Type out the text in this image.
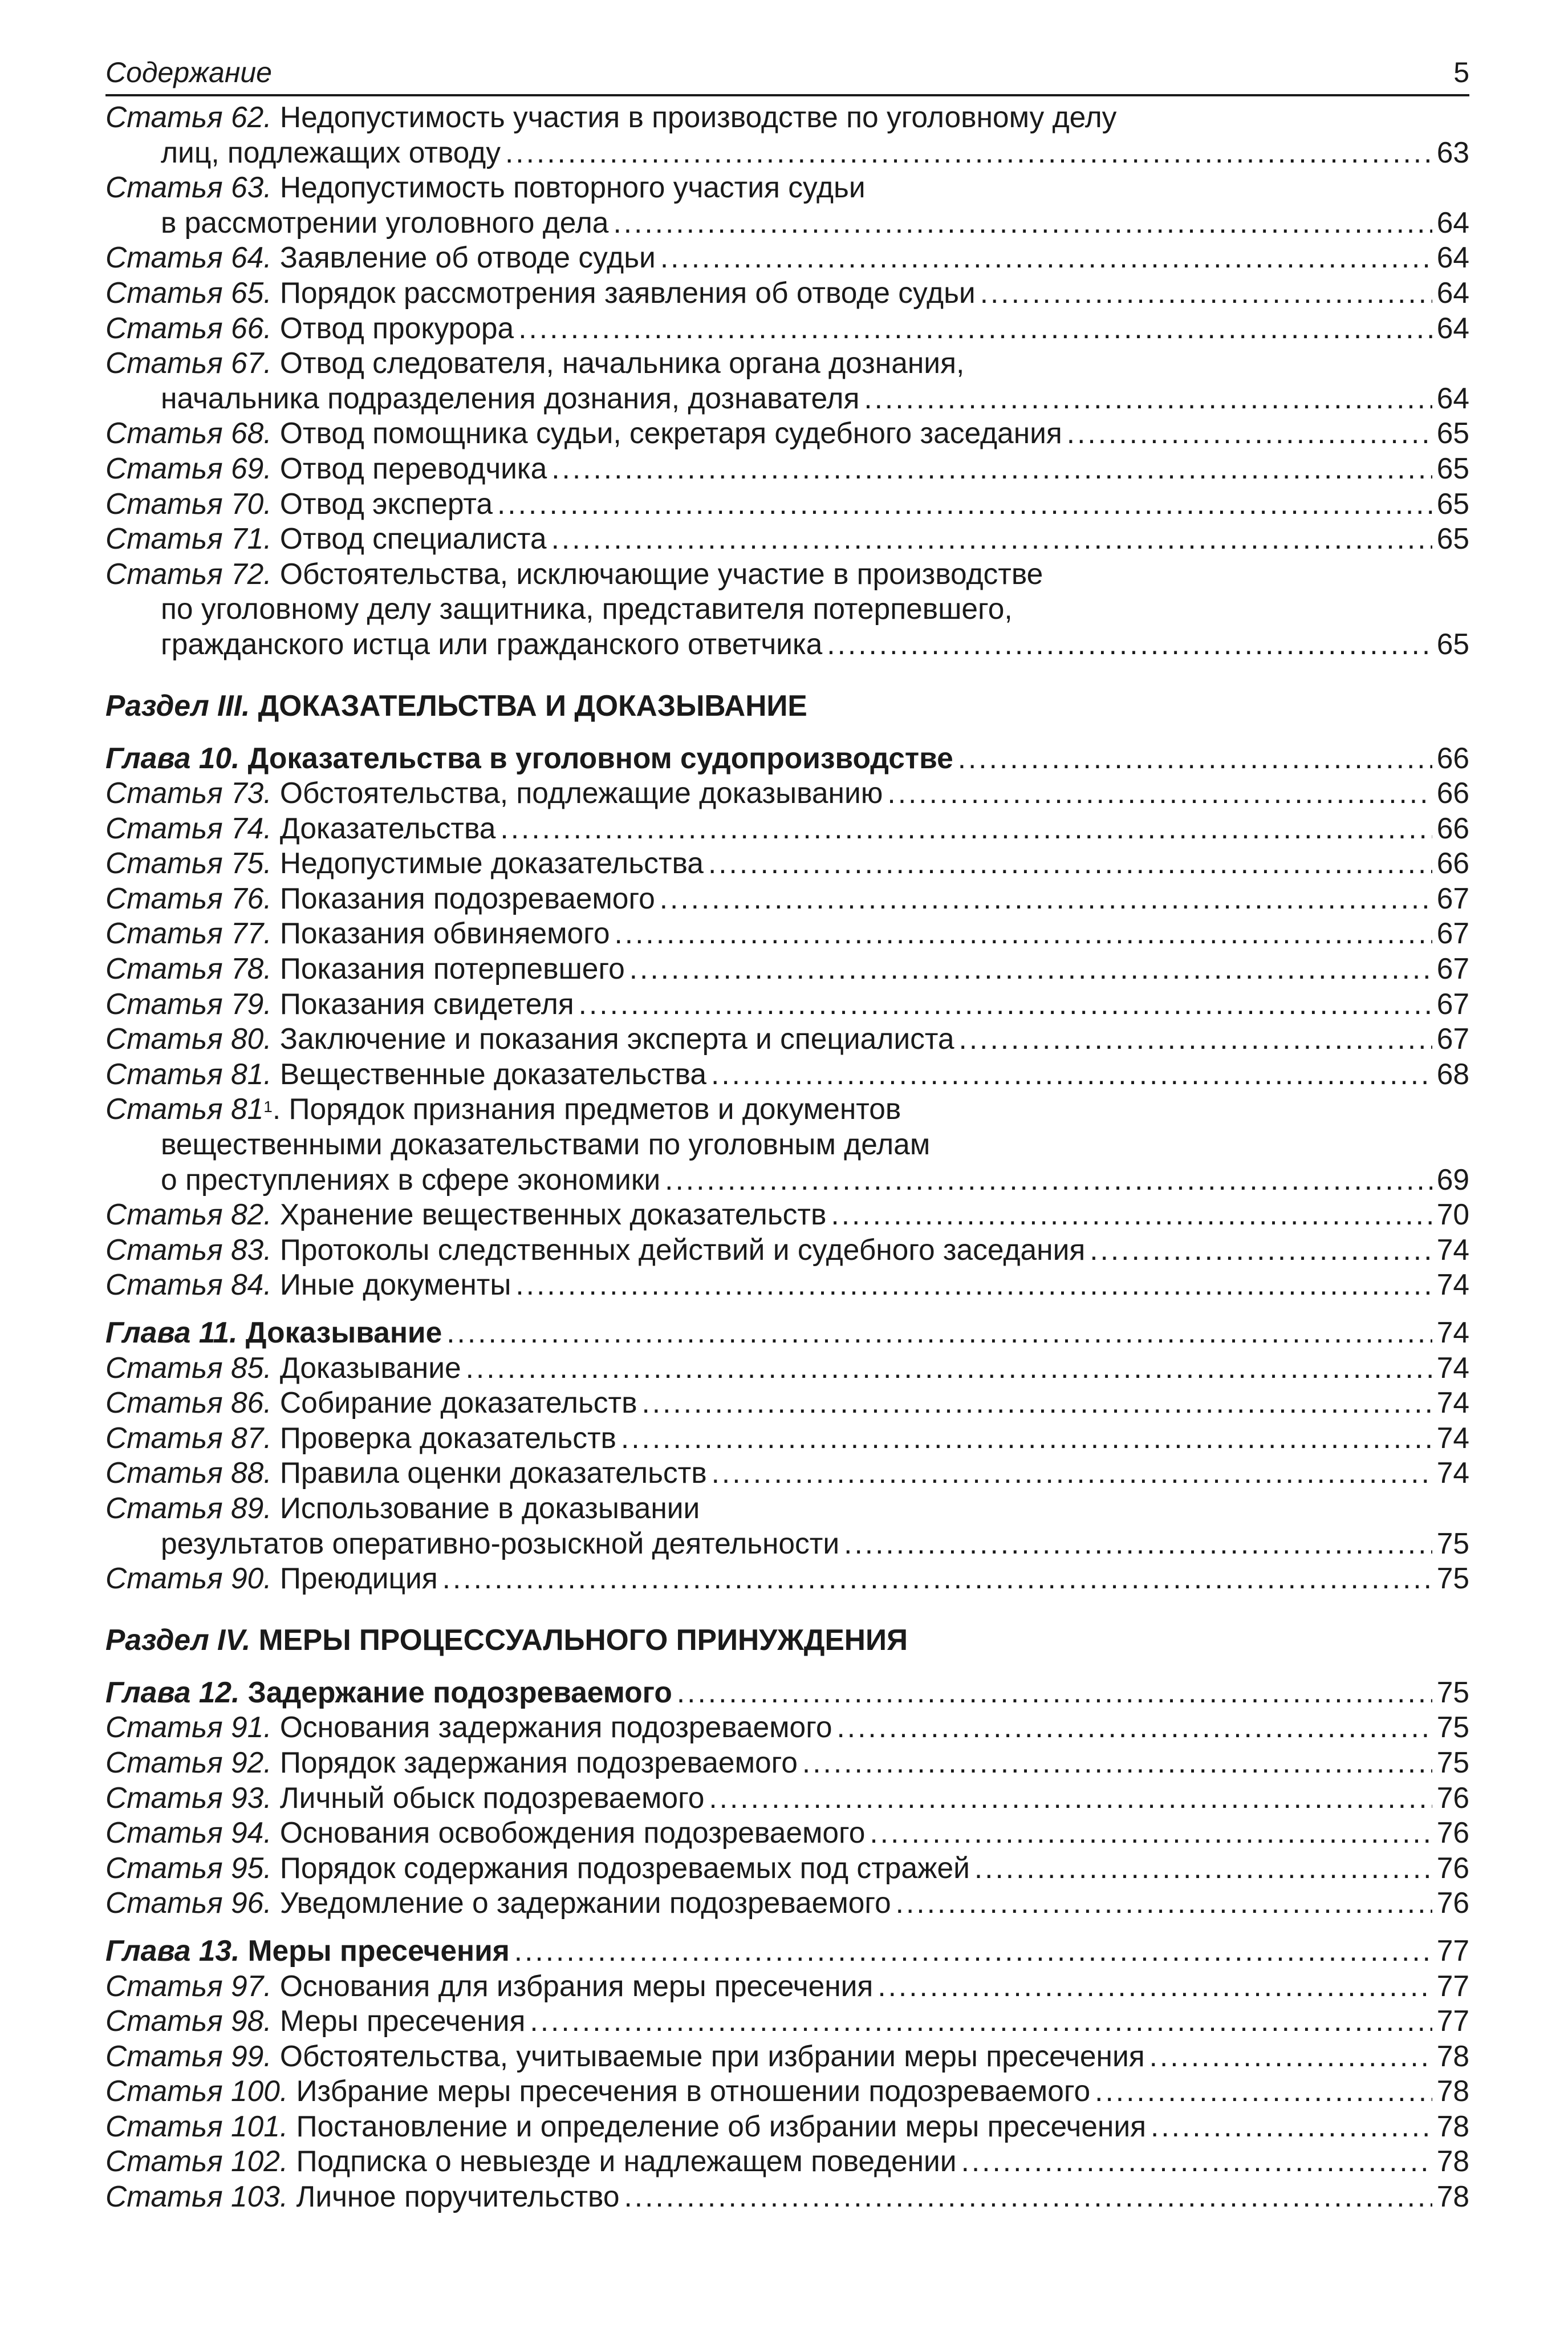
Содержание	5
Статья 62. Недопустимость участия в производстве по уголовному делу
лиц, подлежащих отводу .....	63
Статья 63. Недопустимость повторного участия судьи
в рассмотрении уголовного дела .....	64
Статья 64. Заявление об отводе судьи .....	64
Статья 65. Порядок рассмотрения заявления об отводе судьи .....	64
Статья 66. Отвод прокурора .....	64
Статья 67. Отвод следователя, начальника органа дознания,
начальника подразделения дознания, дознавателя .....	64
Статья 68. Отвод помощника судьи, секретаря судебного заседания .....	65
Статья 69. Отвод переводчика .....	65
Статья 70. Отвод эксперта .....	65
Статья 71. Отвод специалиста .....	65
Статья 72. Обстоятельства, исключающие участие в производстве
по уголовному делу защитника, представителя потерпевшего,
гражданского истца или гражданского ответчика .....	65
Раздел III. ДОКАЗАТЕЛЬСТВА И ДОКАЗЫВАНИЕ
Глава 10. Доказательства в уголовном судопроизводстве .....	66
Статья 73. Обстоятельства, подлежащие доказыванию .....	66
Статья 74. Доказательства .....	66
Статья 75. Недопустимые доказательства .....	66
Статья 76. Показания подозреваемого .....	67
Статья 77. Показания обвиняемого .....	67
Статья 78. Показания потерпевшего .....	67
Статья 79. Показания свидетеля .....	67
Статья 80. Заключение и показания эксперта и специалиста .....	67
Статья 81. Вещественные доказательства .....	68
Статья $81^1$. Порядок признания предметов и документов
вещественными доказательствами по уголовным делам
о преступлениях в сфере экономики .....	69
Статья 82. Хранение вещественных доказательств .....	70
Статья 83. Протоколы следственных действий и судебного заседания .....	74
Статья 84. Иные документы .....	74
Глава 11. Доказывание .....	74
Статья 85. Доказывание .....	74
Статья 86. Собирание доказательств .....	74
Статья 87. Проверка доказательств .....	74
Статья 88. Правила оценки доказательств .....	74
Статья 89. Использование в доказывании
результатов оперативно-розыскной деятельности .....	75
Статья 90. Преюдиция .....	75
Раздел IV. МЕРЫ ПРОЦЕССУАЛЬНОГО ПРИНУЖДЕНИЯ
Глава 12. Задержание подозреваемого .....	75
Статья 91. Основания задержания подозреваемого .....	75
Статья 92. Порядок задержания подозреваемого .....	75
Статья 93. Личный обыск подозреваемого .....	76
Статья 94. Основания освобождения подозреваемого .....	76
Статья 95. Порядок содержания подозреваемых под стражей .....	76
Статья 96. Уведомление о задержании подозреваемого .....	76
Глава 13. Меры пресечения .....	77
Статья 97. Основания для избрания меры пресечения .....	77
Статья 98. Меры пресечения .....	77
Статья 99. Обстоятельства, учитываемые при избрании меры пресечения .....	78
Статья 100. Избрание меры пресечения в отношении подозреваемого .....	78
Статья 101. Постановление и определение об избрании меры пресечения .....	78
Статья 102. Подписка о невыезде и надлежащем поведении .....	78
Статья 103. Личное поручительство .....	78
